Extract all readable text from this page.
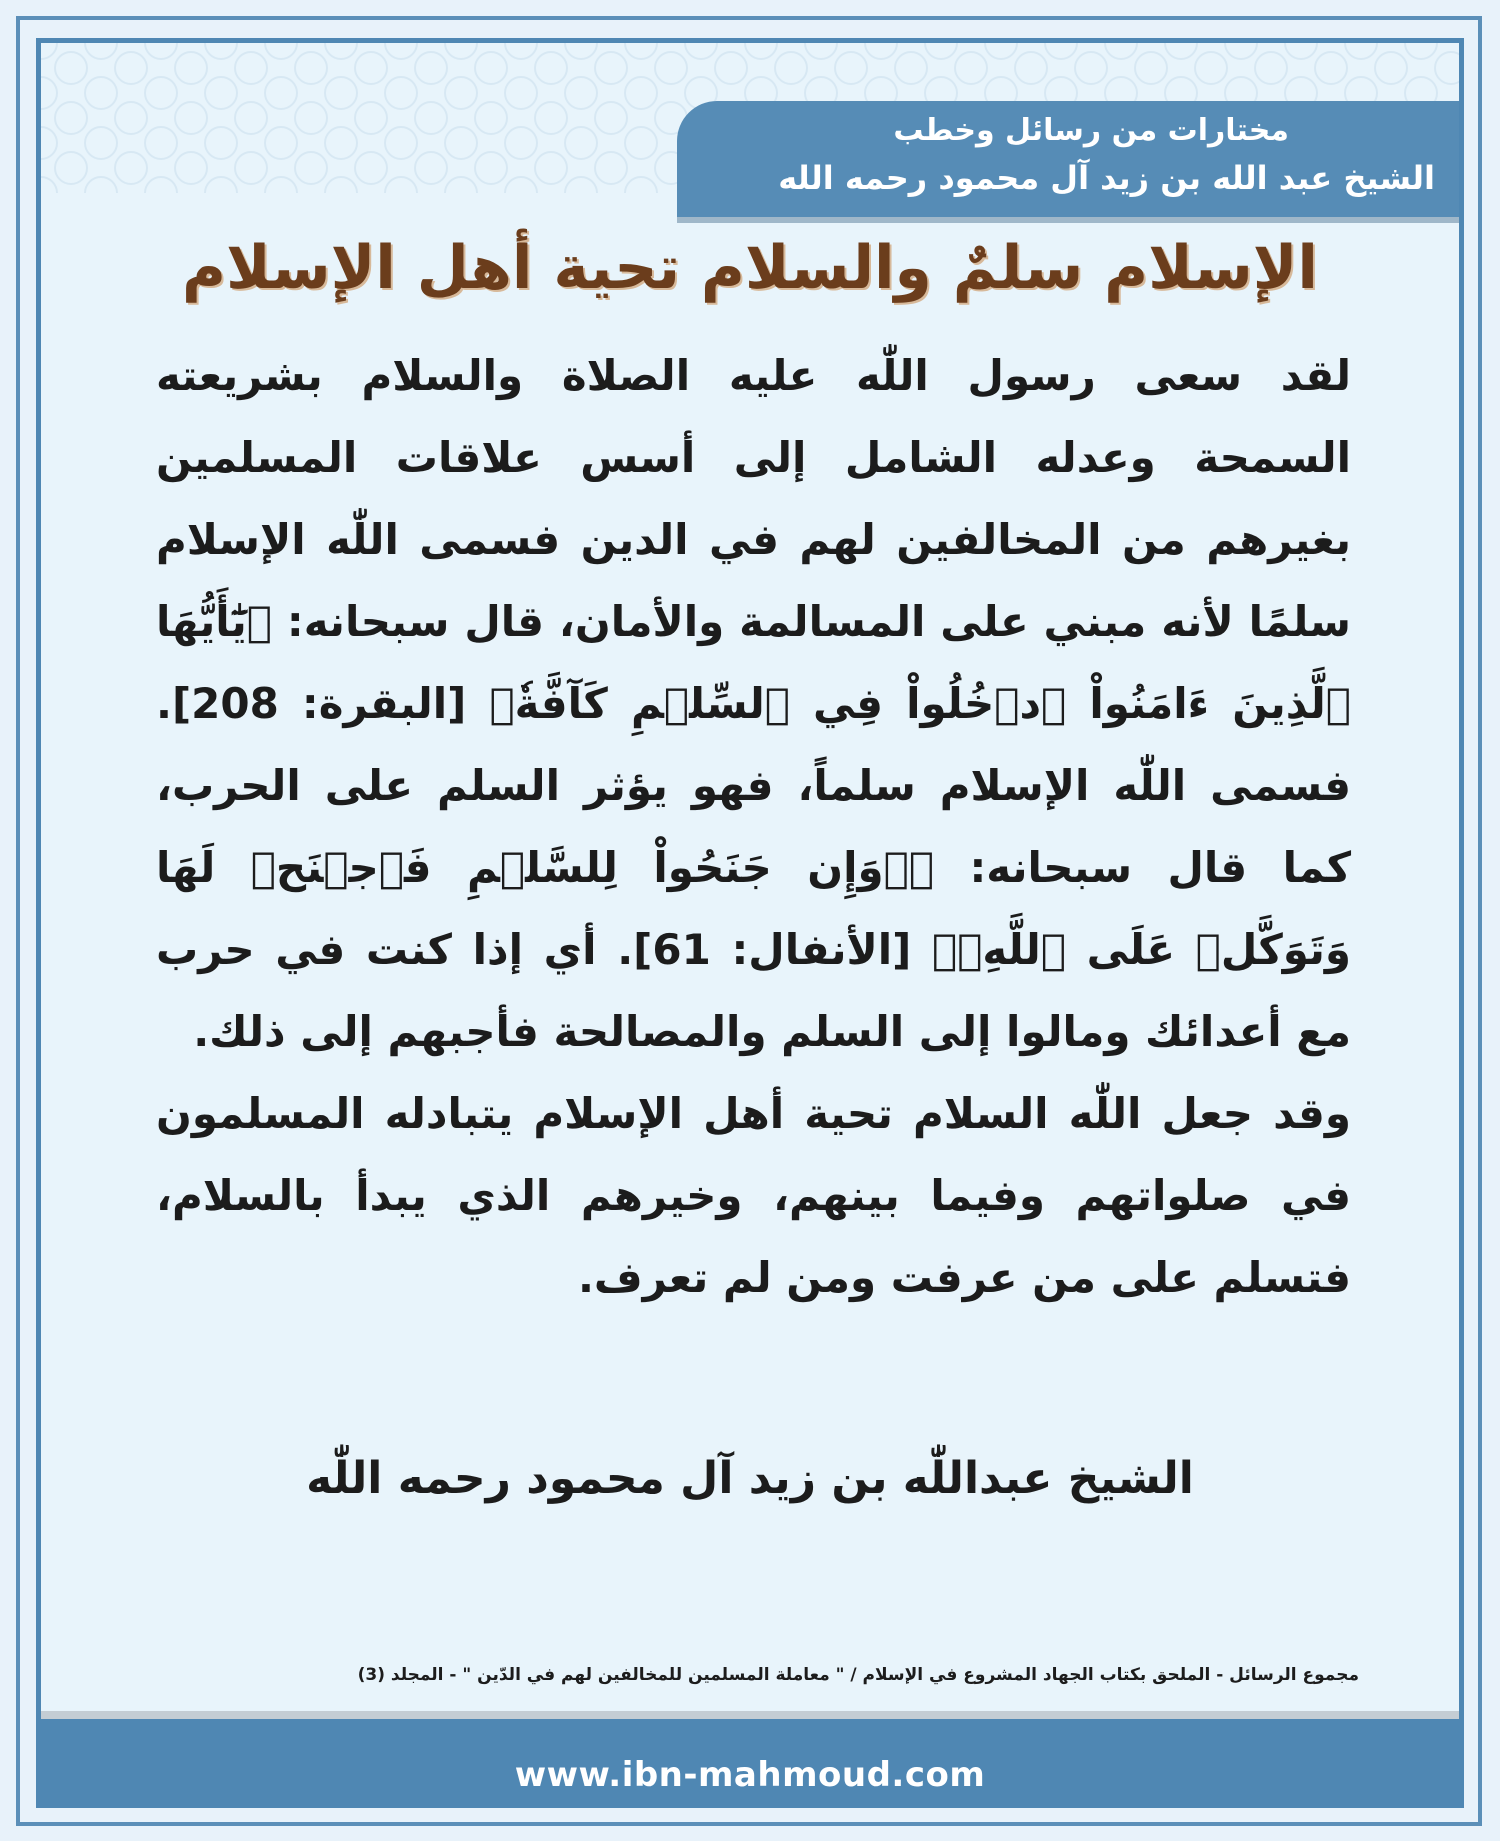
مختارات من رسائل وخطب
الشيخ عبد الله بن زيد آل محمود رحمه الله
الإسلام سلمٌ والسلام تحية أهل الإسلام

لقد سعى رسول اللّٰه عليه الصلاة والسلام بشريعته السمحة وعدله الشامل إلى أسس علاقات المسلمين بغيرهم من المخالفين لهم في الدين فسمى اللّٰه الإسلام سلمًا لأنه مبني على المسالمة والأمان، قال سبحانه: ﴿يَٰٓأَيُّهَا ٱلَّذِينَ ءَامَنُواْ ٱدۡخُلُواْ فِي ٱلسِّلۡمِ كَآفَّةٗ﴾ [البقرة: 208]. فسمى اللّٰه الإسلام سلماً، فهو يؤثر السلم على الحرب، كما قال سبحانه: ﴿۞وَإِن جَنَحُواْ لِلسَّلۡمِ فَٱجۡنَحۡ لَهَا وَتَوَكَّلۡ عَلَى ٱللَّهِۚ﴾ [الأنفال: 61]. أي إذا كنت في حرب مع أعدائك ومالوا إلى السلم والمصالحة فأجبهم إلى ذلك.

وقد جعل اللّٰه السلام تحية أهل الإسلام يتبادله المسلمون في صلواتهم وفيما بينهم، وخيرهم الذي يبدأ بالسلام، فتسلم على من عرفت ومن لم تعرف.

الشيخ عبداللّٰه بن زيد آل محمود رحمه اللّٰه
مجموع الرسائل - الملحق بكتاب الجهاد المشروع في الإسلام / " معاملة المسلمين للمخالفين لهم في الدّين " - المجلد (3)
www.ibn-mahmoud.com
